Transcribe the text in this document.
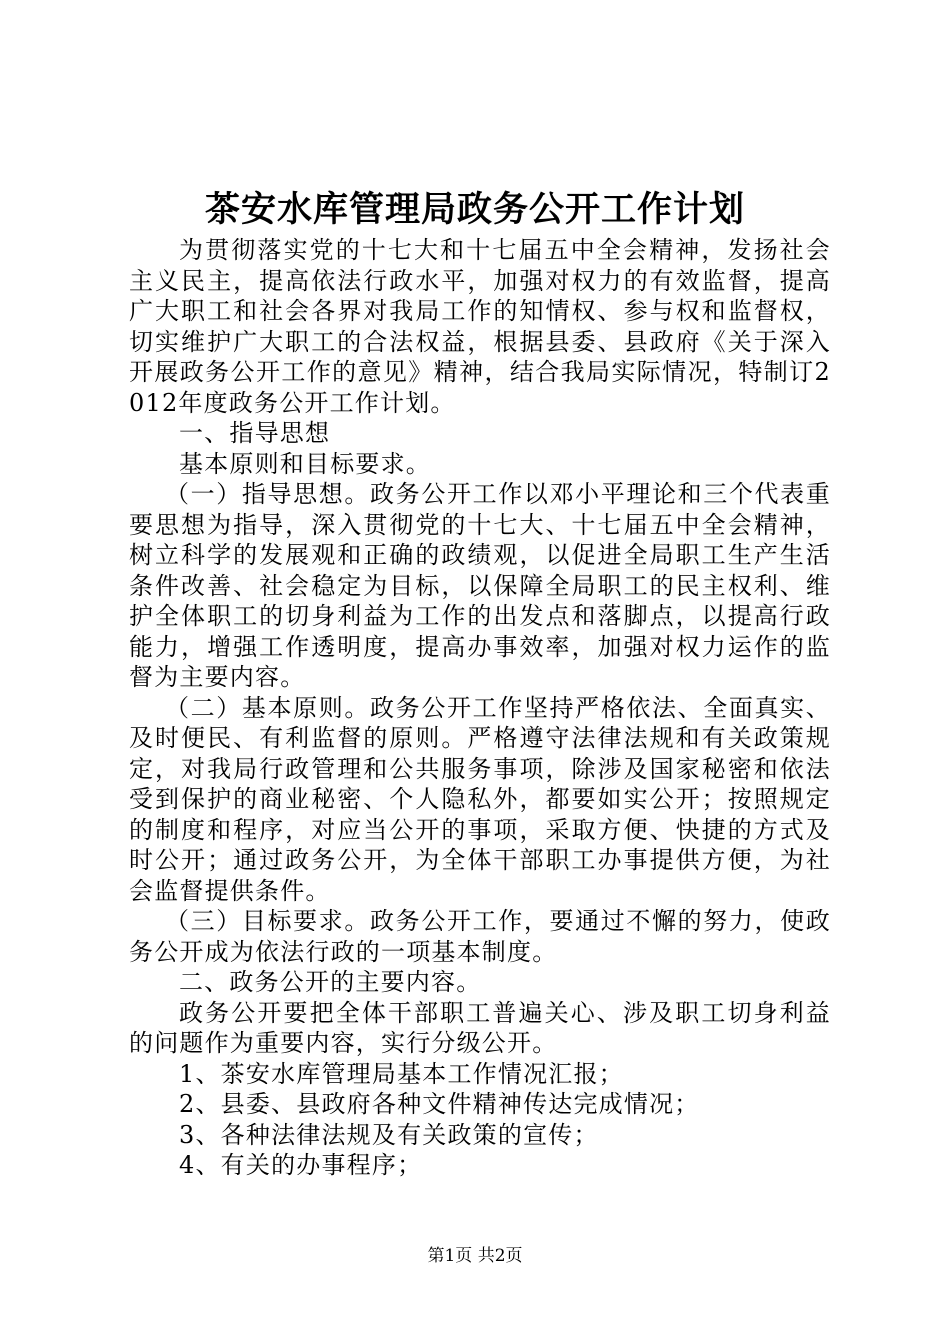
茶安水库管理局政务公开工作计划

为贯彻落实党的十七大和十七届五中全会精神，发扬社会主义民主，提高依法行政水平，加强对权力的有效监督，提高广大职工和社会各界对我局工作的知情权、参与权和监督权，切实维护广大职工的合法权益，根据县委、县政府《关于深入开展政务公开工作的意见》精神，结合我局实际情况，特制订2012年度政务公开工作计划。

一、指导思想

基本原则和目标要求。

（一）指导思想。政务公开工作以邓小平理论和三个代表重要思想为指导，深入贯彻党的十七大、十七届五中全会精神，树立科学的发展观和正确的政绩观，以促进全局职工生产生活条件改善、社会稳定为目标，以保障全局职工的民主权利、维护全体职工的切身利益为工作的出发点和落脚点，以提高行政能力，增强工作透明度，提高办事效率，加强对权力运作的监督为主要内容。

（二）基本原则。政务公开工作坚持严格依法、全面真实、及时便民、有利监督的原则。严格遵守法律法规和有关政策规定，对我局行政管理和公共服务事项，除涉及国家秘密和依法受到保护的商业秘密、个人隐私外，都要如实公开；按照规定的制度和程序，对应当公开的事项，采取方便、快捷的方式及时公开；通过政务公开，为全体干部职工办事提供方便，为社会监督提供条件。

（三）目标要求。政务公开工作，要通过不懈的努力，使政务公开成为依法行政的一项基本制度。

二、政务公开的主要内容。

政务公开要把全体干部职工普遍关心、涉及职工切身利益的问题作为重要内容，实行分级公开。

1、茶安水库管理局基本工作情况汇报；

2、县委、县政府各种文件精神传达完成情况；

3、各种法律法规及有关政策的宣传；

4、有关的办事程序；

第1页 共2页
